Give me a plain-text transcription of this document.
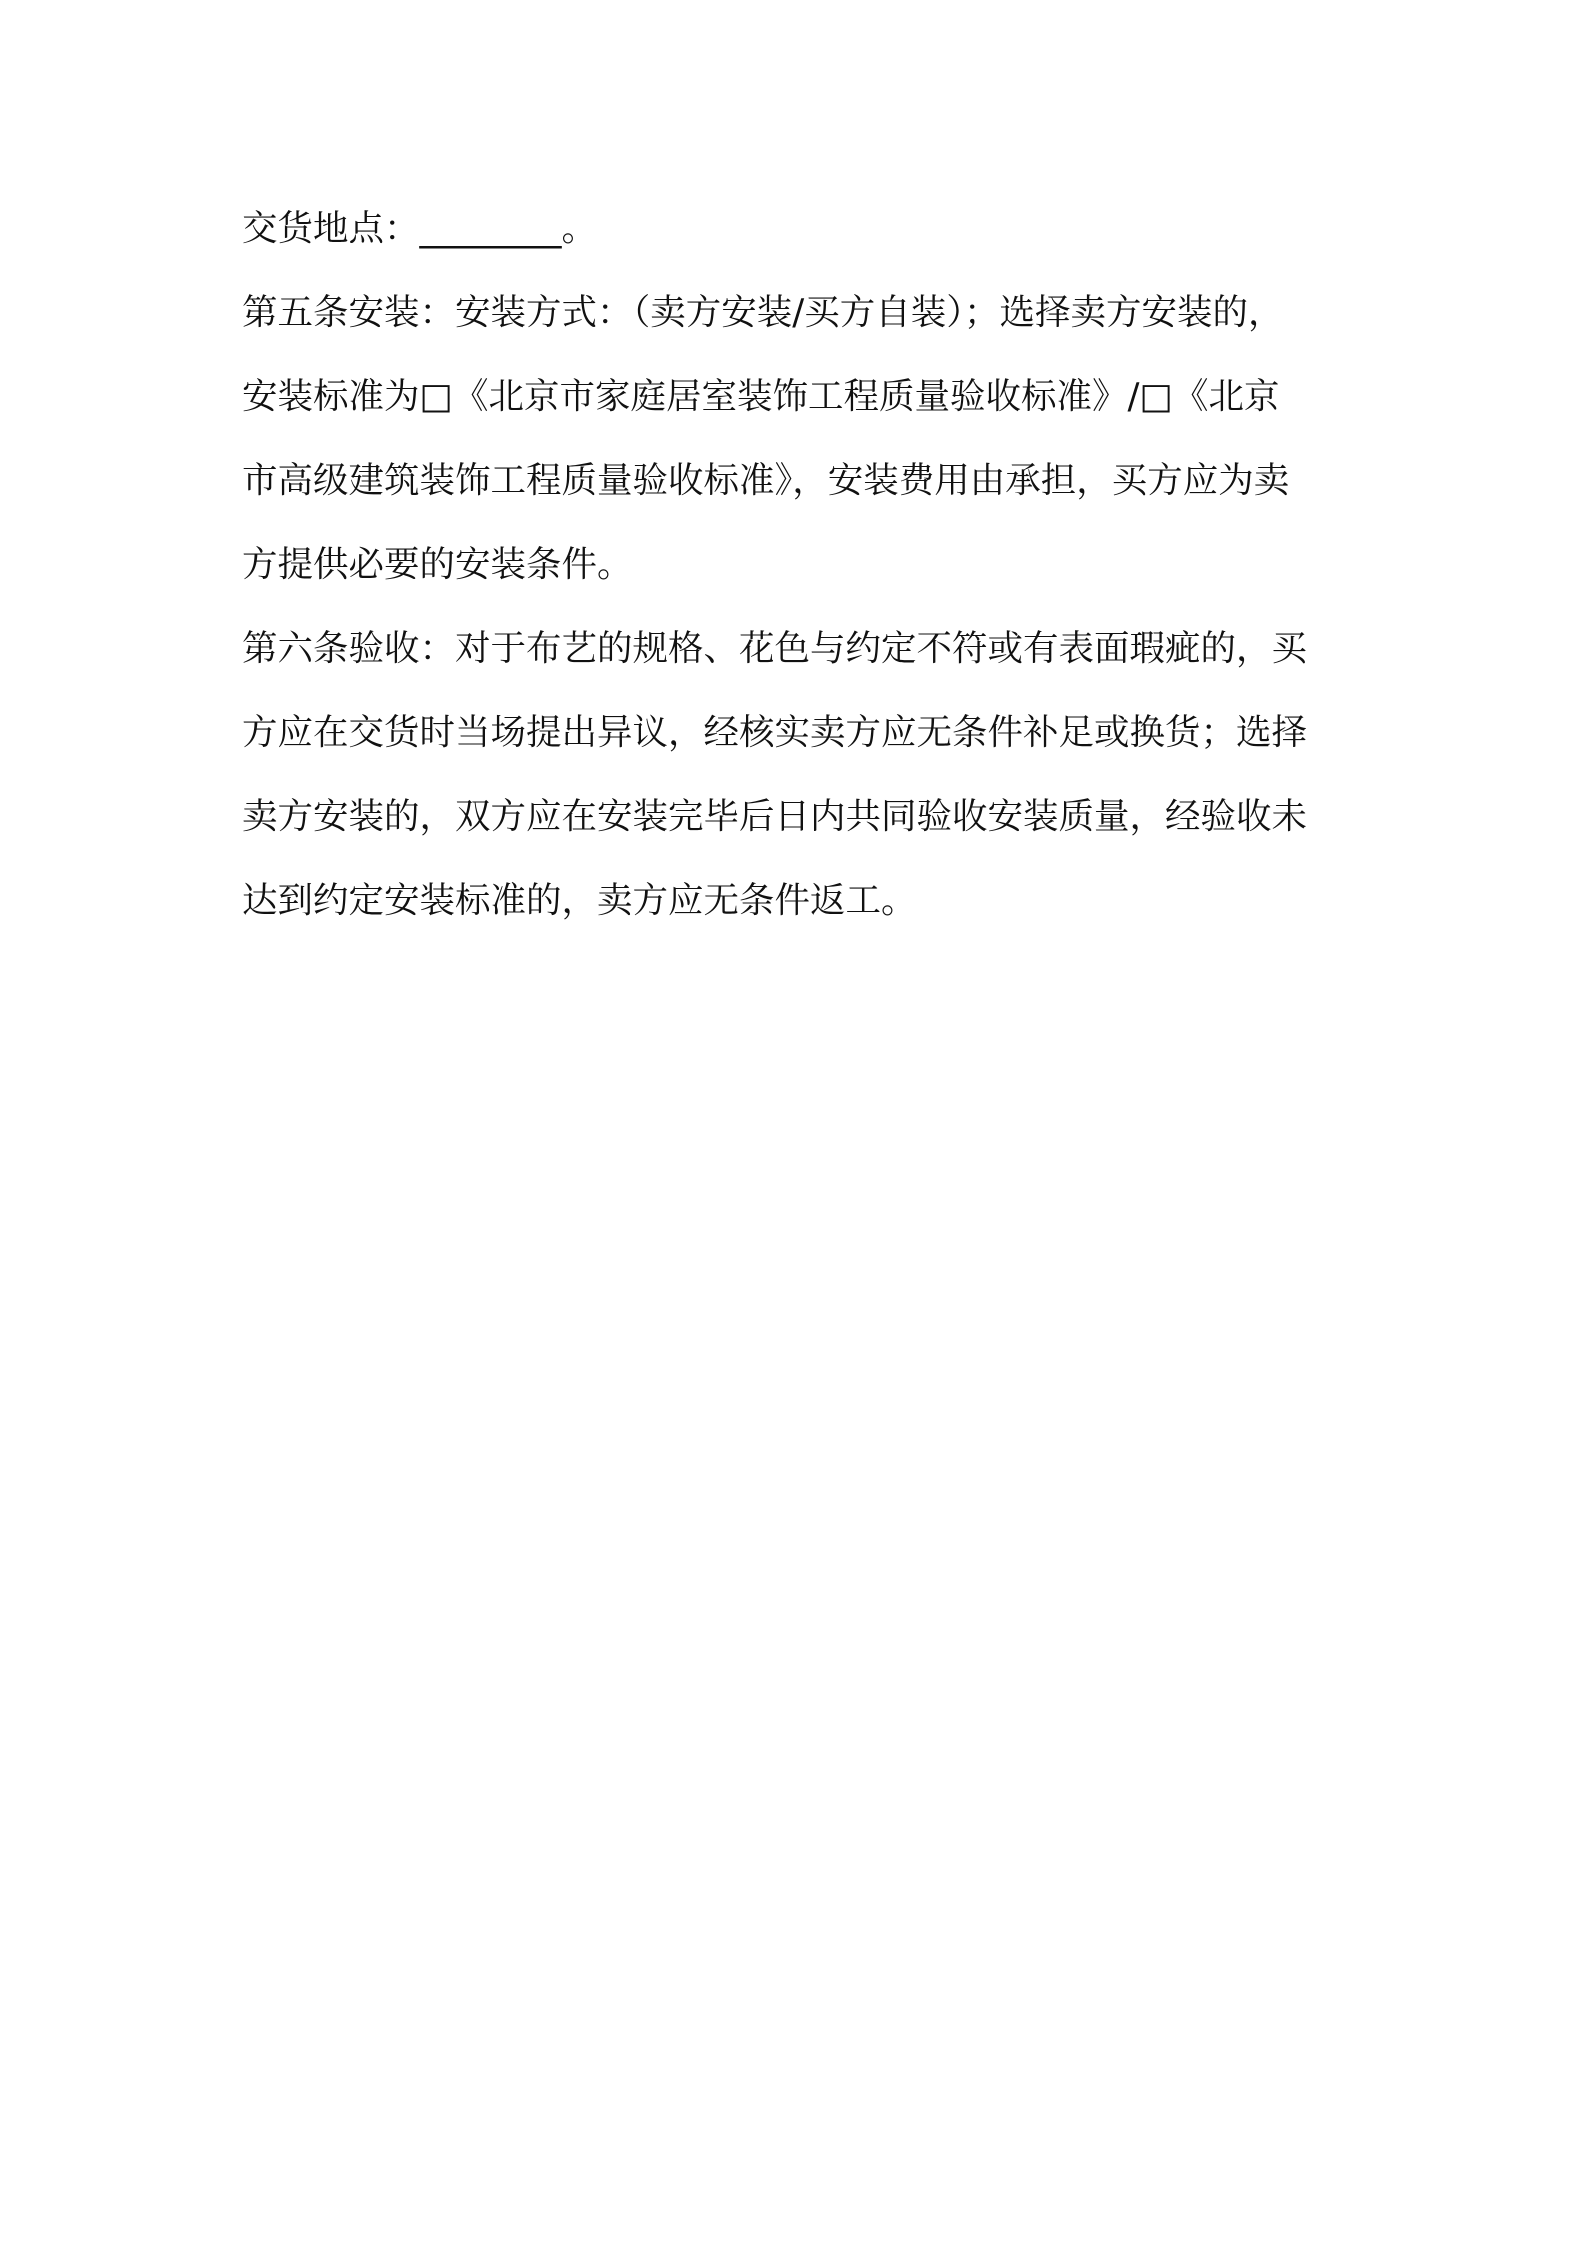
交货地点：________。
第五条安装：安装方式：（卖方安装/买方自装）；选择卖方安装的，
安装标准为□《北京市家庭居室装饰工程质量验收标准》/□《北京
市高级建筑装饰工程质量验收标准》，安装费用由承担，买方应为卖
方提供必要的安装条件。
第六条验收：对于布艺的规格、花色与约定不符或有表面瑕疵的，买
方应在交货时当场提出异议，经核实卖方应无条件补足或换货；选择
卖方安装的，双方应在安装完毕后日内共同验收安装质量，经验收未
达到约定安装标准的，卖方应无条件返工。
